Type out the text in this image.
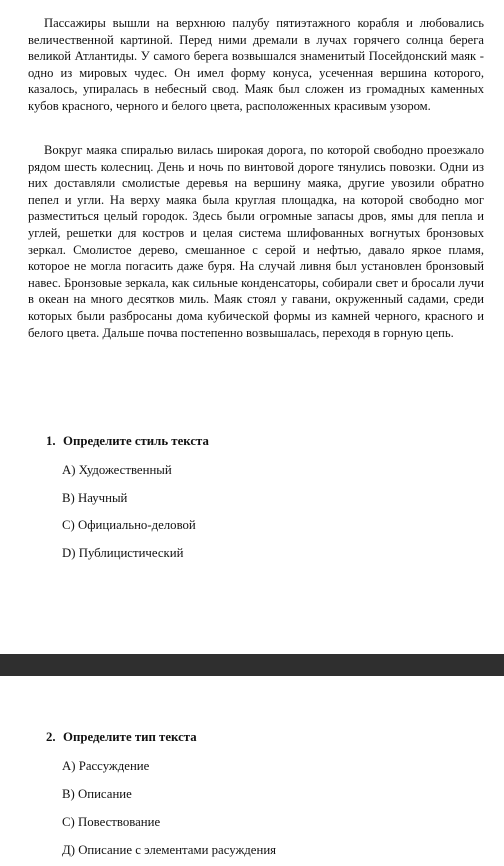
Пассажиры вышли на верхнюю палубу пятиэтажного корабля и любовались величественной картиной. Перед ними дремали в лучах горячего солнца берега великой Атлантиды. У самого берега возвышался знаменитый Посейдонский маяк - одно из мировых чудес. Он имел форму конуса, усеченная вершина которого, казалось, упиралась в небесный свод. Маяк был сложен из громадных каменных кубов красного, черного и белого цвета, расположенных красивым узором.

Вокруг маяка спиралью вилась широкая дорога, по которой свободно проезжало рядом шесть колесниц. День и ночь по винтовой дороге тянулись повозки. Одни из них доставляли смолистые деревья на вершину маяка, другие увозили обратно пепел и угли. На верху маяка была круглая площадка, на которой свободно мог разместиться целый городок. Здесь были огромные запасы дров, ямы для пепла и углей, решетки для костров и целая система шлифованных вогнутых бронзовых зеркал. Смолистое дерево, смешанное с серой и нефтью, давало яркое пламя, которое не могла погасить даже буря. На случай ливня был установлен бронзовый навес. Бронзовые зеркала, как сильные конденсаторы, собирали свет и бросали лучи в океан на много десятков миль. Маяк стоял у гавани, окруженный садами, среди которых были разбросаны дома кубической формы из камней черного, красного и белого цвета. Дальше почва постепенно возвышалась, переходя в горную цепь.

1. Определите стиль текста
А) Художественный
В) Научный
С) Официально-деловой
D) Публицистический
2. Определите тип текста
А) Рассуждение
В) Описание
С) Повествование
Д) Описание с элементами расуждения
